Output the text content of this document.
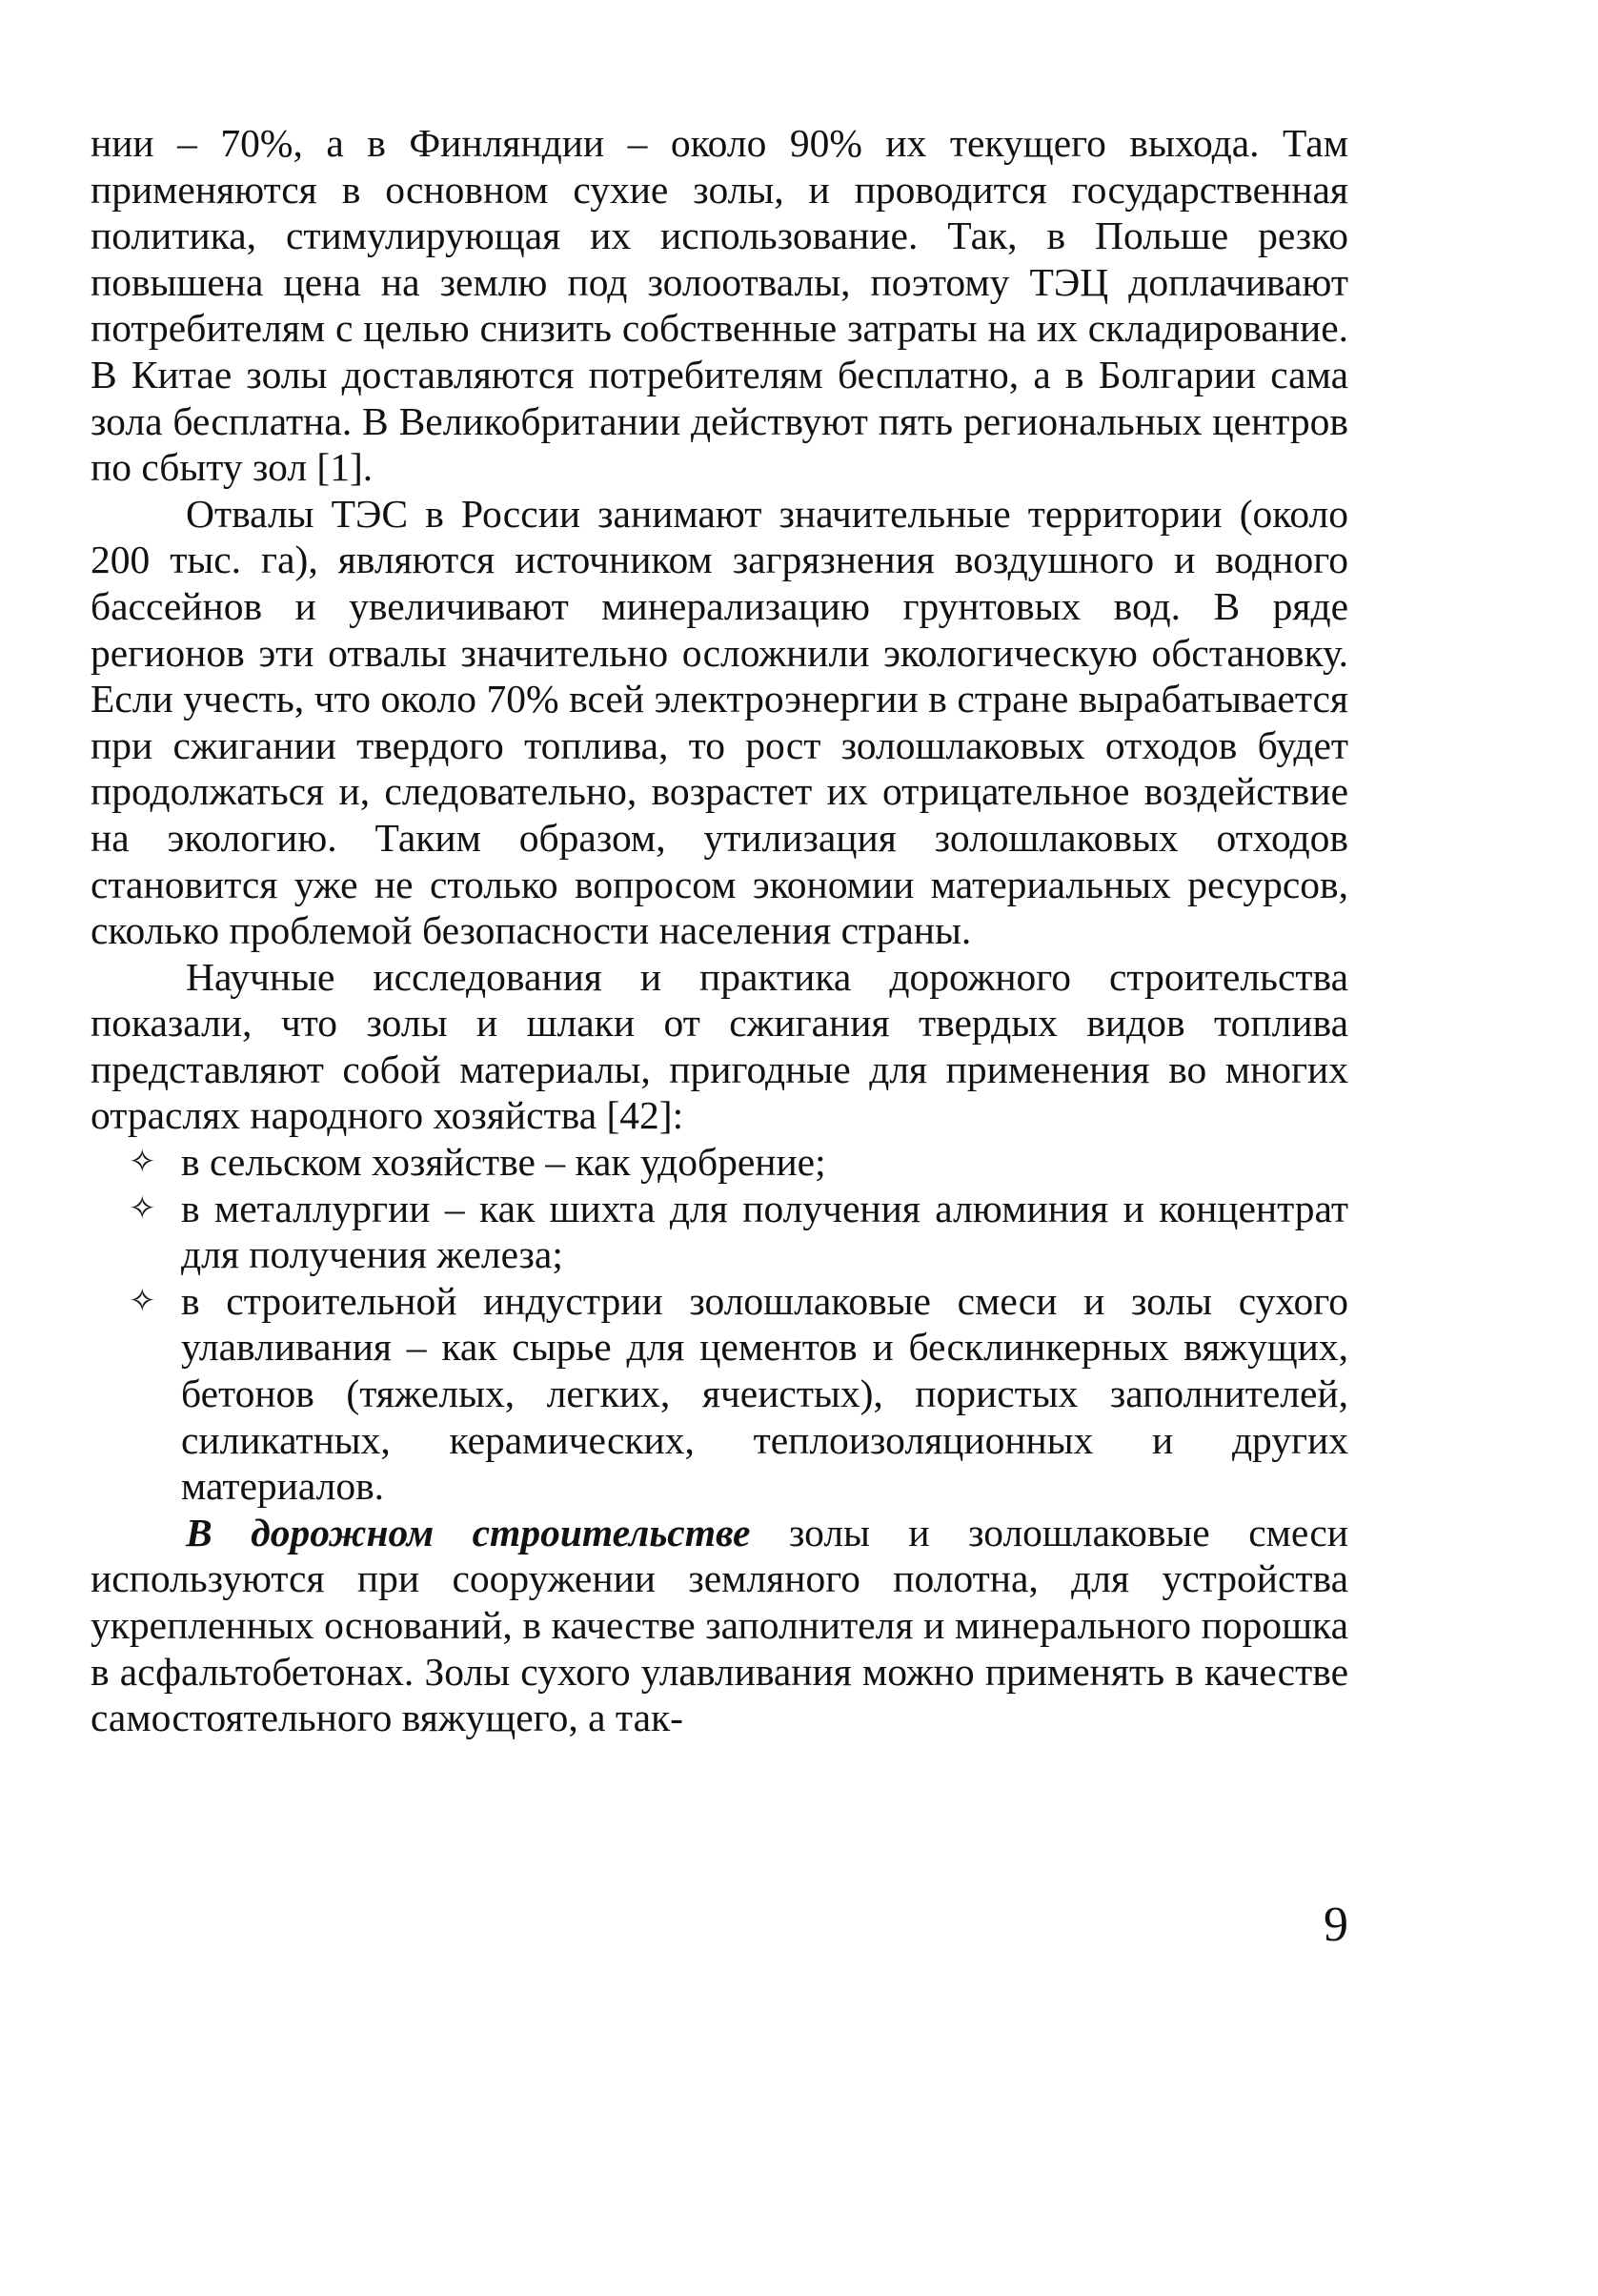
нии – 70%, а в Финляндии – около 90% их текущего выхода. Там применяются в основном сухие золы, и проводится государственная политика, стимулирующая их использование. Так, в Польше резко повышена цена на землю под золоотвалы, поэтому ТЭЦ доплачивают потребителям с целью снизить собственные затраты на их складирование. В Китае золы доставляются потребителям бесплатно, а в Болгарии сама зола бесплатна. В Великобритании действуют пять региональных центров по сбыту зол [1].

Отвалы ТЭС в России занимают значительные территории (около 200 тыс. га), являются источником загрязнения воздушного и водного бассейнов и увеличивают минерализацию грунтовых вод. В ряде регионов эти отвалы значительно осложнили экологическую обстановку. Если учесть, что около 70% всей электроэнергии в стране вырабатывается при сжигании твердого топлива, то рост золошлаковых отходов будет продолжаться и, следовательно, возрастет их отрицательное воздействие на экологию. Таким образом, утилизация золошлаковых отходов становится уже не столько вопросом экономии материальных ресурсов, сколько проблемой безопасности населения страны.

Научные исследования и практика дорожного строительства показали, что золы и шлаки от сжигания твердых видов топлива представляют собой материалы, пригодные для применения во многих отраслях народного хозяйства [42]:

✧ в сельском хозяйстве – как удобрение;
✧ в металлургии – как шихта для получения алюминия и концентрат для получения железа;
✧ в строительной индустрии золошлаковые смеси и золы сухого улавливания – как сырье для цементов и бесклинкерных вяжущих, бетонов (тяжелых, легких, ячеистых), пористых заполнителей, силикатных, керамических, теплоизоляционных и других материалов.

В дорожном строительстве золы и золошлаковые смеси используются при сооружении земляного полотна, для устройства укрепленных оснований, в качестве заполнителя и минерального порошка в асфальтобетонах. Золы сухого улавливания можно применять в качестве самостоятельного вяжущего, а так-

9
